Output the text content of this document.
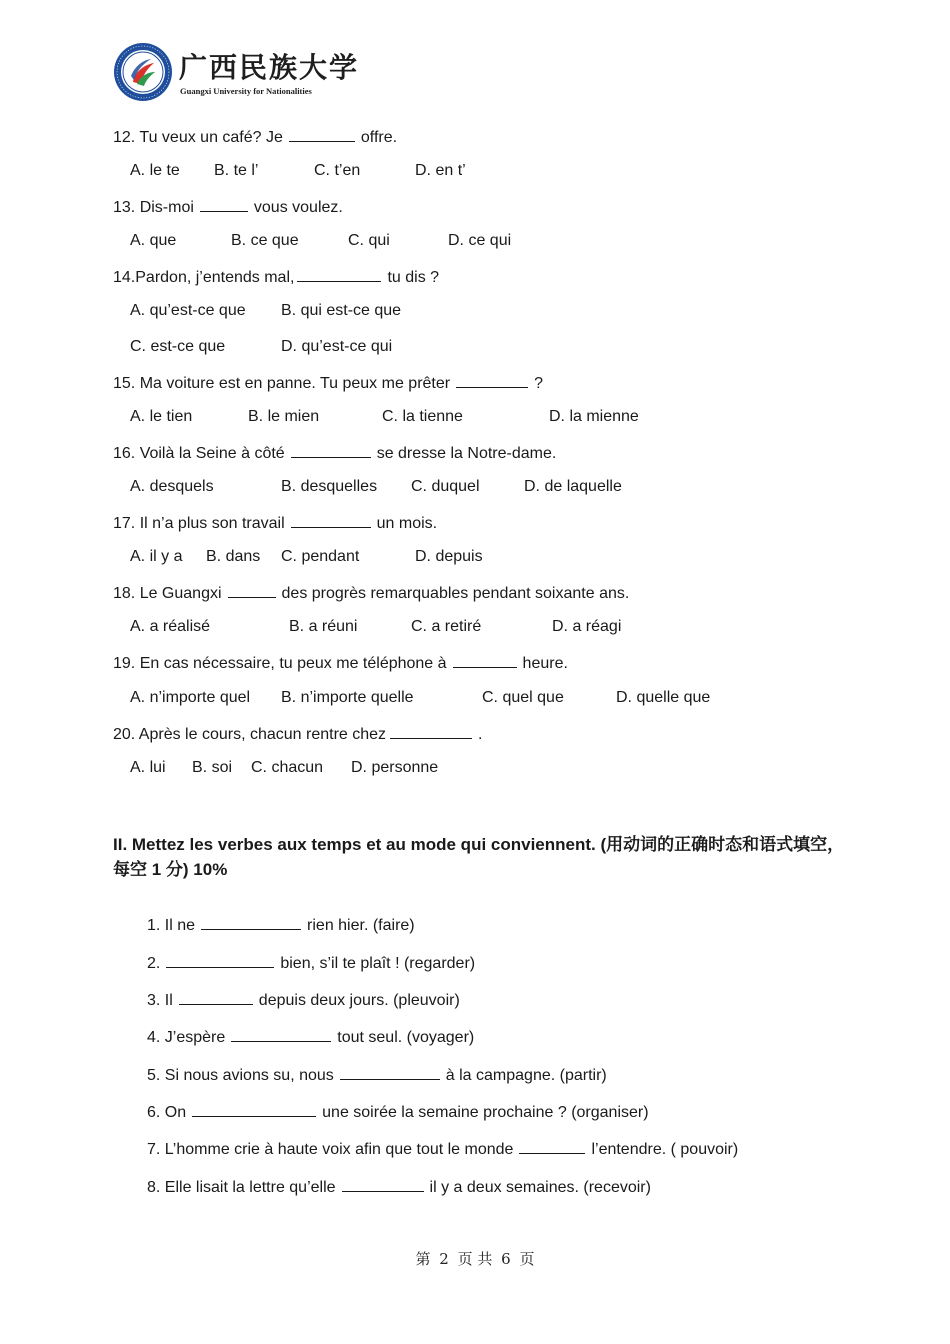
广西民族大学
Guangxi University for Nationalities
12. Tu veux un café? Je	offre.
A. le te B. te l’	C. t’en	D. en t’
13. Dis-moi	vous voulez.
A. que	B. ce que	C. qui	D. ce qui
14.Pardon, j’entends mal,	tu dis ?
A. qu’est-ce que B. qui est-ce que
C. est-ce que	D. qu’est-ce qui
15. Ma voiture est en panne. Tu peux me prêter	?
A. le tien	B. le mien	C. la tienne	D. la mienne
16. Voilà la Seine à côté	se dresse la Notre-dame.
A. desquels	B. desquelles C. duquel	D. de laquelle
17. Il n’a plus son travail	un mois.
A. il y a B. dans C. pendant	D. depuis
18. Le Guangxi	des progrès remarquables pendant soixante ans.
A. a réalisé	B. a réuni	C. a retiré	D. a réagi
19. En cas nécessaire, tu peux me téléphone à	heure.
A. n’importe quel B. n’importe quelle	C. quel que	D. quelle que
20. Après le cours, chacun rentre chez	.
A. lui B. soi C. chacun D. personne
II. Mettez les verbes aux temps et au mode qui conviennent. (用动词的正确时态和语式填空，每空 1 分) 10%
1. Il ne	rien hier. (faire)
2.	bien, s’il te plaît ! (regarder)
3. Il	depuis deux jours. (pleuvoir)
4. J’espère	tout seul. (voyager)
5. Si nous avions su, nous	à la campagne. (partir)
6. On	une soirée la semaine prochaine ? (organiser)
7. L’homme crie à haute voix afin que tout le monde	l’entendre. ( pouvoir)
8. Elle lisait la lettre qu’elle	il y a deux semaines. (recevoir)
第 2 页 共 6 页
